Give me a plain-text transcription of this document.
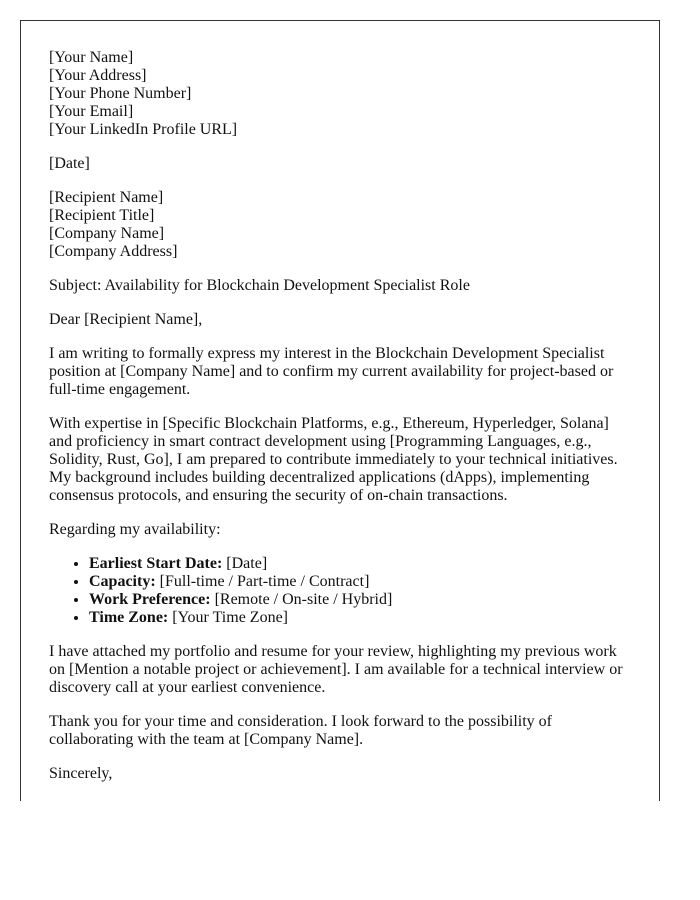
[Your Name]
[Your Address]
[Your Phone Number]
[Your Email]
[Your LinkedIn Profile URL]

[Date]

[Recipient Name]
[Recipient Title]
[Company Name]
[Company Address]

Subject: Availability for Blockchain Development Specialist Role

Dear [Recipient Name],

I am writing to formally express my interest in the Blockchain Development Specialist position at [Company Name] and to confirm my current availability for project-based or full-time engagement.

With expertise in [Specific Blockchain Platforms, e.g., Ethereum, Hyperledger, Solana] and proficiency in smart contract development using [Programming Languages, e.g., Solidity, Rust, Go], I am prepared to contribute immediately to your technical initiatives. My background includes building decentralized applications (dApps), implementing consensus protocols, and ensuring the security of on-chain transactions.

Regarding my availability:

• Earliest Start Date: [Date]
• Capacity: [Full-time / Part-time / Contract]
• Work Preference: [Remote / On-site / Hybrid]
• Time Zone: [Your Time Zone]

I have attached my portfolio and resume for your review, highlighting my previous work on [Mention a notable project or achievement]. I am available for a technical interview or discovery call at your earliest convenience.

Thank you for your time and consideration. I look forward to the possibility of collaborating with the team at [Company Name].

Sincerely,
